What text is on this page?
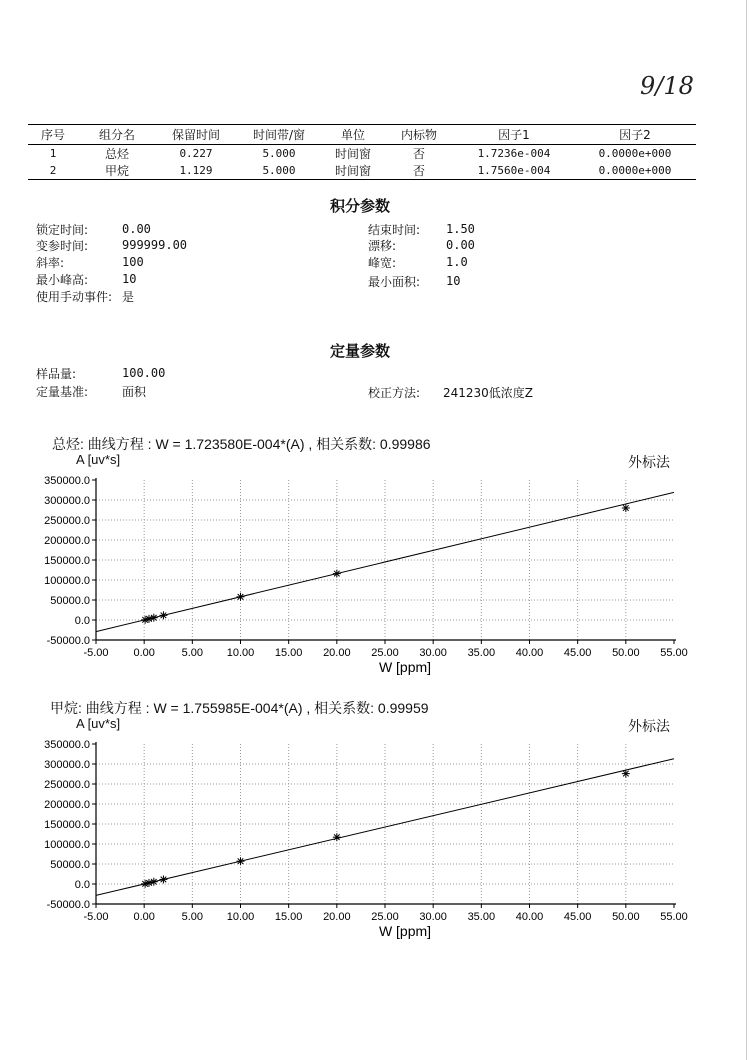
9/18
序号	组分名	保留时间	时间带/窗	单位	内标物	因子1	因子2
1	总烃	0.227	5.000	时间窗	否	1.7236e-004	0.0000e+000
2	甲烷	1.129	5.000	时间窗	否	1.7560e-004	0.0000e+000
积分参数
锁定时间:	0.00	结束时间: 1.50
变参时间:	999999.00	漂移:	0.00
斜率:	100	峰宽:	1.0
最小峰高:	10	最小面积: 10
使用手动事件: 是
定量参数
样品量:	100.00
定量基准:	面积	校正方法: 241230低浓度Z
总烃: 曲线方程 : W = 1.723580E-004*(A) , 相关系数: 0.99986
A [uv*s]	外标法
350000.0
300000.0
250000.0
200000.0
150000.0
100000.0
50000.0
0.0
-50000.0
-5.00 0.00 5.00 10.00 15.00 20.00 25.00 30.00 35.00 40.00 45.00 50.00 55.00
W [ppm]
甲烷: 曲线方程 : W = 1.755985E-004*(A) , 相关系数: 0.99959
A [uv*s]	外标法
350000.0
300000.0
250000.0
200000.0
150000.0
100000.0
50000.0
0.0
-50000.0
-5.00 0.00 5.00 10.00 15.00 20.00 25.00 30.00 35.00 40.00 45.00 50.00 55.00
W [ppm]
